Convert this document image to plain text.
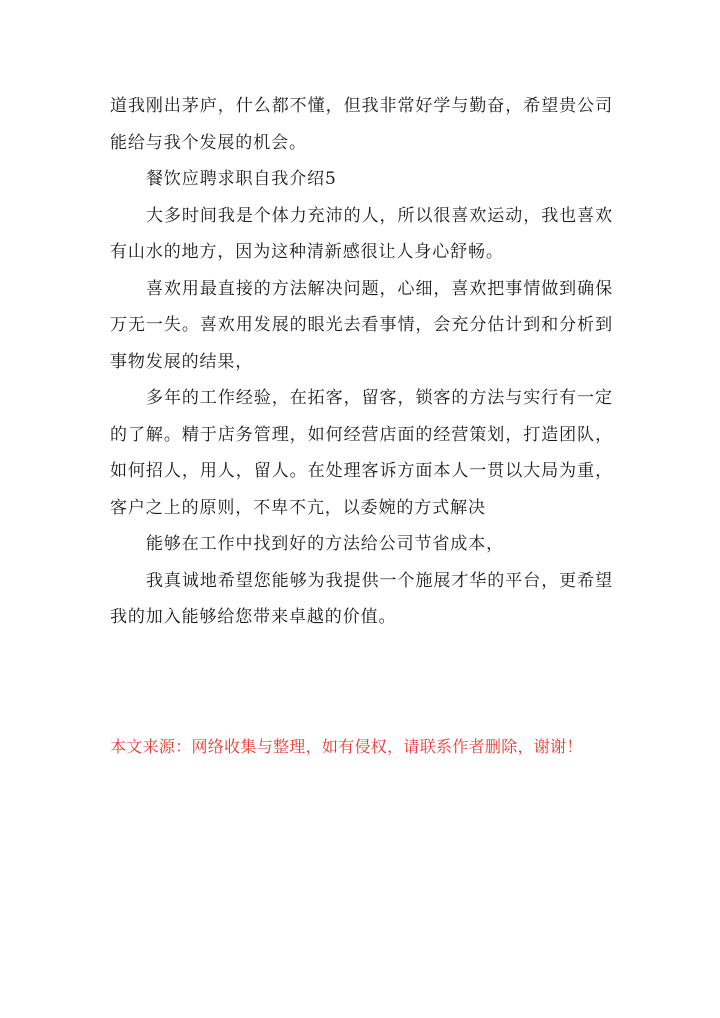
道我刚出茅庐，什么都不懂，但我非常好学与勤奋，希望贵公司能给与我个发展的机会。

餐饮应聘求职自我介绍5

大多时间我是个体力充沛的人，所以很喜欢运动，我也喜欢有山水的地方，因为这种清新感很让人身心舒畅。

喜欢用最直接的方法解决问题，心细，喜欢把事情做到确保万无一失。喜欢用发展的眼光去看事情，会充分估计到和分析到事物发展的结果，

多年的工作经验，在拓客，留客，锁客的方法与实行有一定的了解。精于店务管理，如何经营店面的经营策划，打造团队，如何招人，用人，留人。在处理客诉方面本人一贯以大局为重，客户之上的原则，不卑不亢，以委婉的方式解决

能够在工作中找到好的方法给公司节省成本，

我真诚地希望您能够为我提供一个施展才华的平台，更希望我的加入能够给您带来卓越的价值。

本文来源：网络收集与整理，如有侵权，请联系作者删除，谢谢！
